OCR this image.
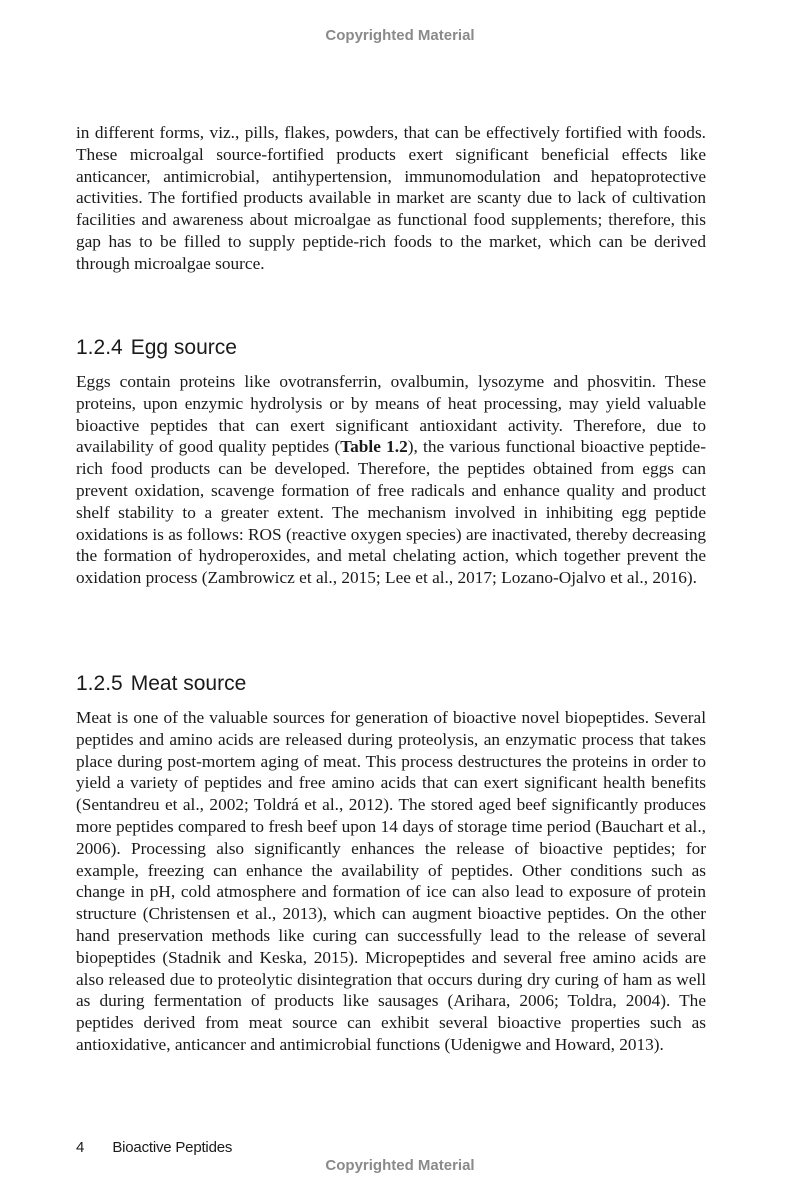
Copyrighted Material

in different forms, viz., pills, flakes, powders, that can be effectively fortified with foods. These microalgal source-fortified products exert significant beneficial effects like anticancer, antimicrobial, antihypertension, immunomodulation and hepatoprotective activities. The fortified products available in market are scanty due to lack of cultivation facilities and awareness about microalgae as functional food supplements; therefore, this gap has to be filled to supply peptide-rich foods to the market, which can be derived through microalgae source.

1.2.4 Egg source

Eggs contain proteins like ovotransferrin, ovalbumin, lysozyme and phosvitin. These proteins, upon enzymic hydrolysis or by means of heat processing, may yield valuable bioactive peptides that can exert significant antioxidant activity. Therefore, due to availability of good quality peptides (Table 1.2), the various functional bioactive peptide-rich food products can be developed. Therefore, the peptides obtained from eggs can prevent oxidation, scavenge formation of free radicals and enhance quality and product shelf stability to a greater extent. The mechanism involved in inhibiting egg peptide oxidations is as follows: ROS (reactive oxygen species) are inactivated, thereby decreasing the formation of hydroperoxides, and metal chelating action, which together prevent the oxidation process (Zambrowicz et al., 2015; Lee et al., 2017; Lozano-Ojalvo et al., 2016).

1.2.5 Meat source

Meat is one of the valuable sources for generation of bioactive novel biopeptides. Several peptides and amino acids are released during proteolysis, an enzymatic process that takes place during post-mortem aging of meat. This process destructures the proteins in order to yield a variety of peptides and free amino acids that can exert significant health benefits (Sentandreu et al., 2002; Toldrá et al., 2012). The stored aged beef significantly produces more peptides compared to fresh beef upon 14 days of storage time period (Bauchart et al., 2006). Processing also significantly enhances the release of bioactive peptides; for example, freezing can enhance the availability of peptides. Other conditions such as change in pH, cold atmosphere and formation of ice can also lead to exposure of protein structure (Christensen et al., 2013), which can augment bioactive peptides. On the other hand preservation methods like curing can successfully lead to the release of several biopeptides (Stadnik and Keska, 2015). Micropeptides and several free amino acids are also released due to proteolytic disintegration that occurs during dry curing of ham as well as during fermentation of products like sausages (Arihara, 2006; Toldra, 2004). The peptides derived from meat source can exhibit several bioactive properties such as antioxidative, anticancer and antimicrobial functions (Udenigwe and Howard, 2013).

4 Bioactive Peptides
Copyrighted Material
